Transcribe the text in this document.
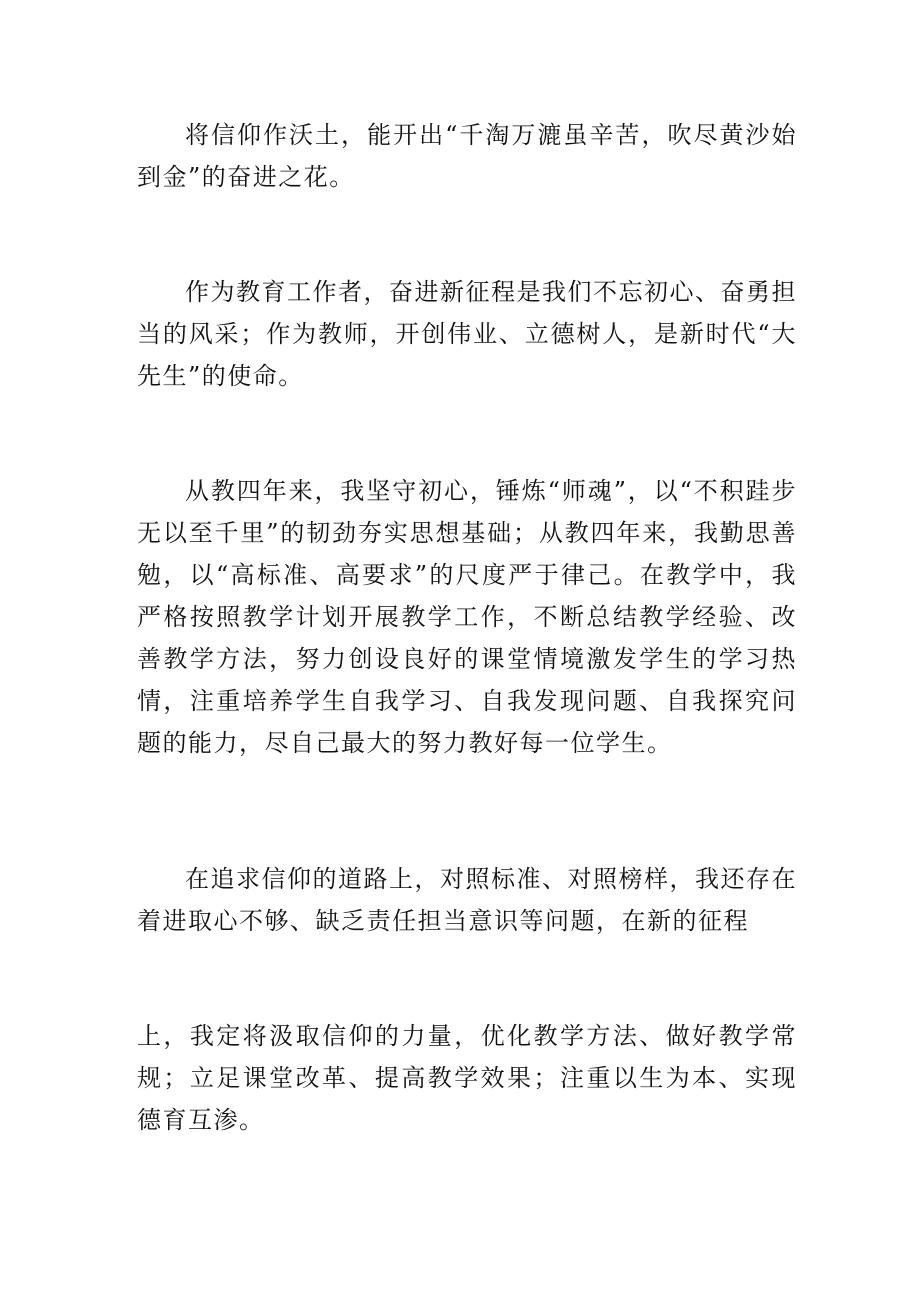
将信仰作沃土，能开出“千淘万漉虽辛苦，吹尽黄沙始到金”的奋进之花。

作为教育工作者，奋进新征程是我们不忘初心、奋勇担当的风采；作为教师，开创伟业、立德树人，是新时代“大先生”的使命。

从教四年来，我坚守初心，锤炼“师魂”，以“不积跬步无以至千里”的韧劲夯实思想基础；从教四年来，我勤思善勉，以“高标准、高要求”的尺度严于律己。在教学中，我严格按照教学计划开展教学工作，不断总结教学经验、改善教学方法，努力创设良好的课堂情境激发学生的学习热情，注重培养学生自我学习、自我发现问题、自我探究问题的能力，尽自己最大的努力教好每一位学生。

在追求信仰的道路上，对照标准、对照榜样，我还存在着进取心不够、缺乏责任担当意识等问题，在新的征程

上，我定将汲取信仰的力量，优化教学方法、做好教学常规；立足课堂改革、提高教学效果；注重以生为本、实现德育互渗。
